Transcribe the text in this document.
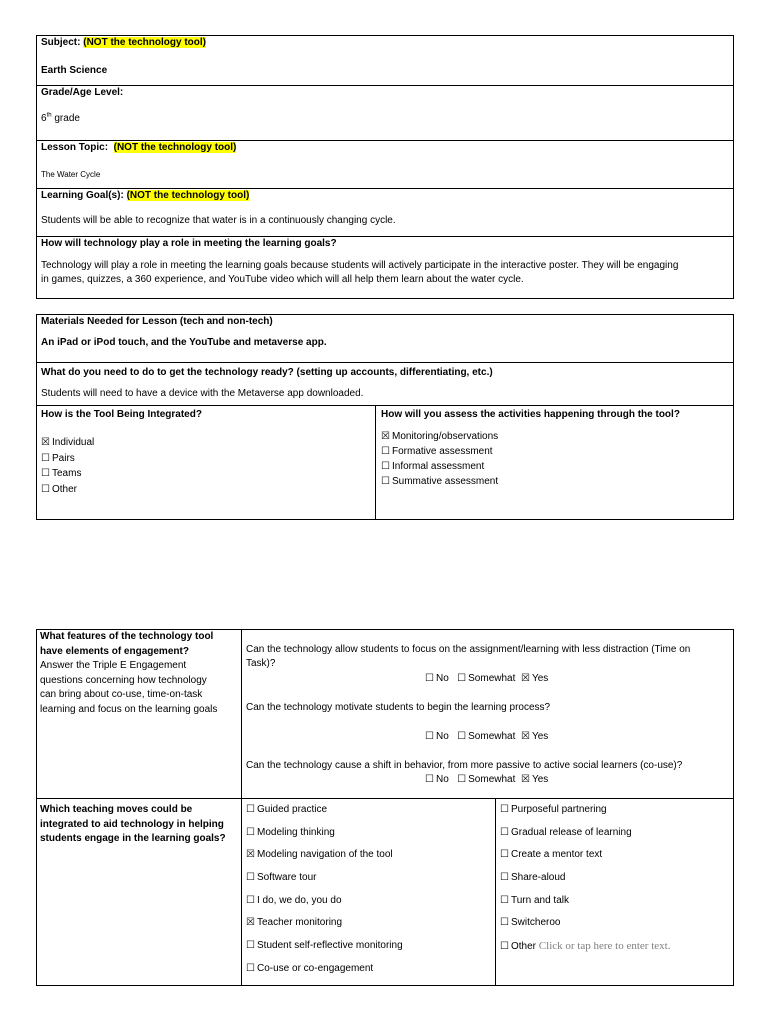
Subject: (NOT the technology tool)
Earth Science
Grade/Age Level:
6th grade
Lesson Topic: (NOT the technology tool)
The Water Cycle
Learning Goal(s): (NOT the technology tool)
Students will be able to recognize that water is in a continuously changing cycle.
How will technology play a role in meeting the learning goals?
Technology will play a role in meeting the learning goals because students will actively participate in the interactive poster. They will be engaging
in games, quizzes, a 360 experience, and YouTube video which will all help them learn about the water cycle.
Materials Needed for Lesson (tech and non-tech)
An iPad or iPod touch, and the YouTube and metaverse app.
What do you need to do to get the technology ready? (setting up accounts, differentiating, etc.)
Students will need to have a device with the Metaverse app downloaded.
How is the Tool Being Integrated?
☒ Individual
☐ Pairs
☐ Teams
☐ Other
How will you assess the activities happening through the tool?
☒ Monitoring/observations
☐ Formative assessment
☐ Informal assessment
☐ Summative assessment
What features of the technology tool
have elements of engagement?
Answer the Triple E Engagement
questions concerning how technology
can bring about co-use, time-on-task
learning and focus on the learning goals
Can the technology allow students to focus on the assignment/learning with less distraction (Time on
Task)?
☐ No ☐ Somewhat ☒ Yes
Can the technology motivate students to begin the learning process?
☐ No ☐ Somewhat ☒ Yes
Can the technology cause a shift in behavior, from more passive to active social learners (co-use)?
☐ No ☐ Somewhat ☒ Yes
Which teaching moves could be
integrated to aid technology in helping
students engage in the learning goals?
☐ Guided practice
☐ Modeling thinking
☒ Modeling navigation of the tool
☐ Software tour
☐ I do, we do, you do
☒ Teacher monitoring
☐ Student self-reflective monitoring
☐ Co-use or co-engagement
☐ Purposeful partnering
☐ Gradual release of learning
☐ Create a mentor text
☐ Share-aloud
☐ Turn and talk
☐ Switcheroo
☐ Other Click or tap here to enter text.
